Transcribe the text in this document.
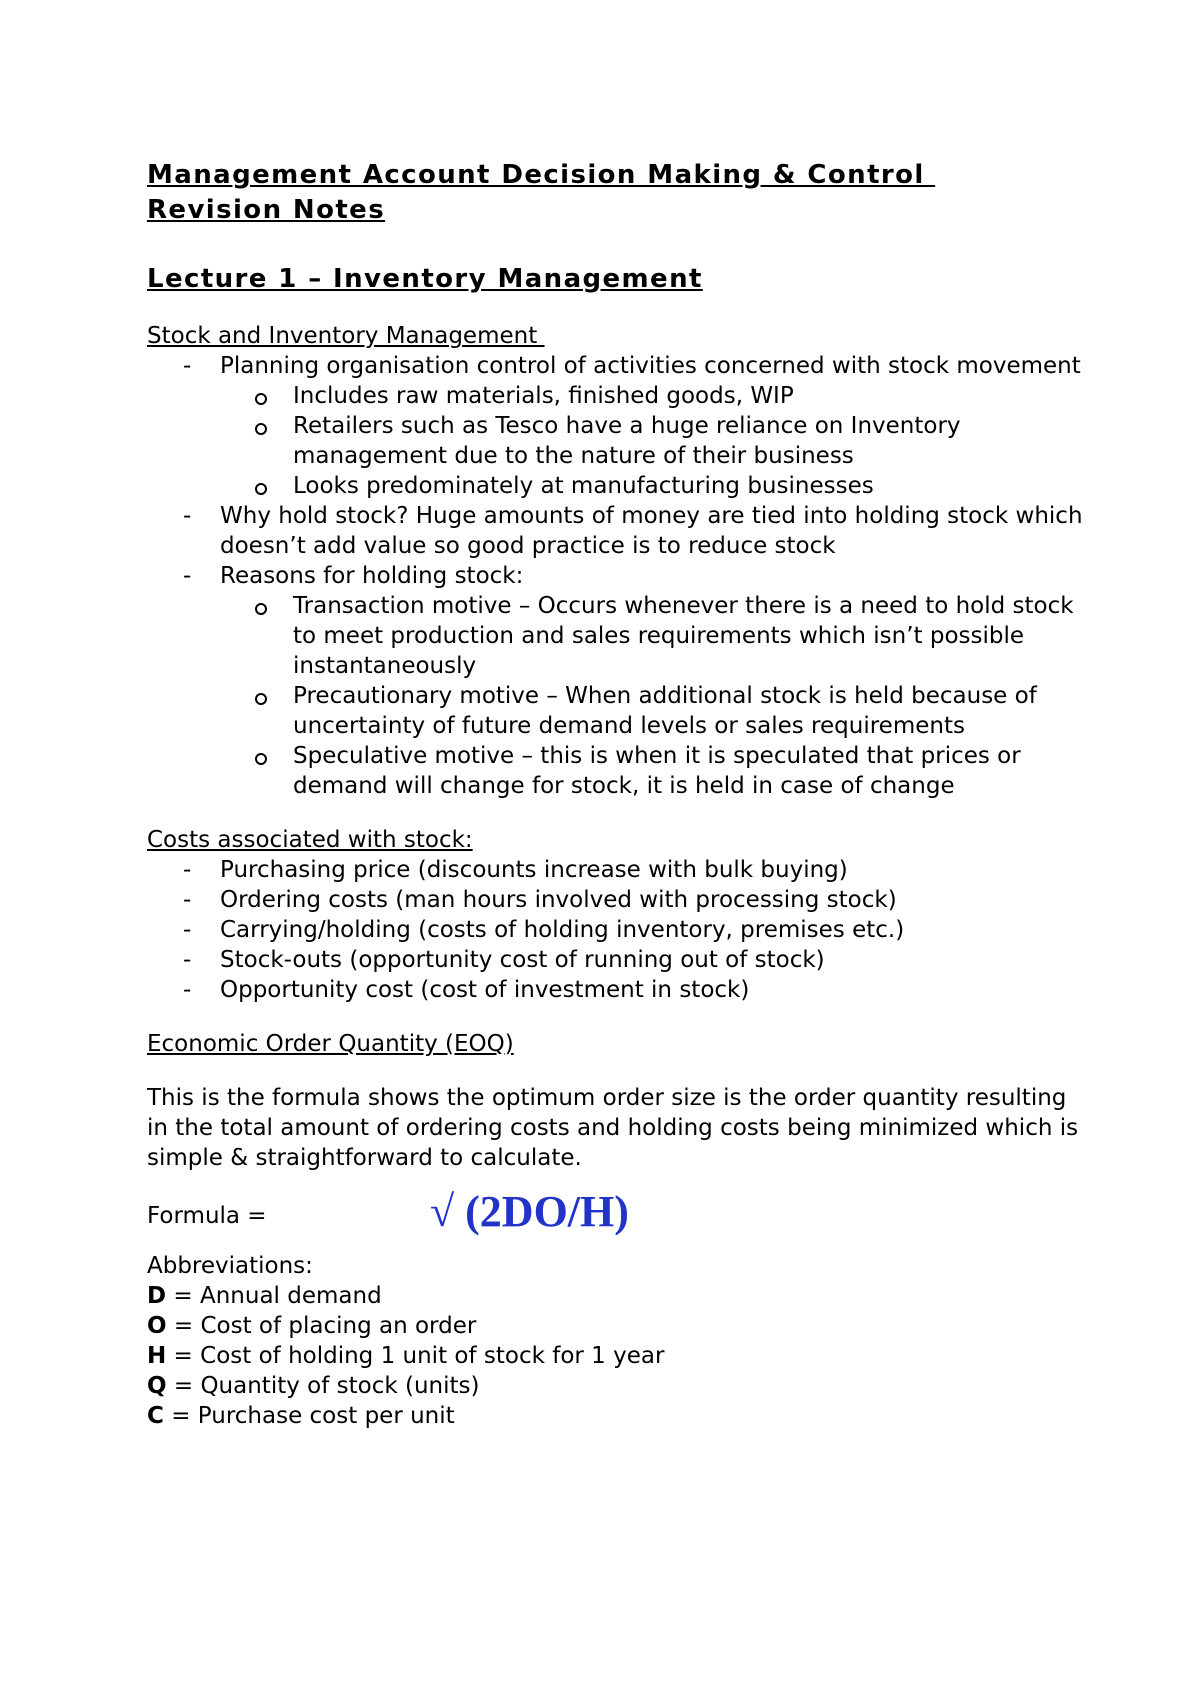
Management Account Decision Making & Control
Revision Notes
Lecture 1 – Inventory Management
Stock and Inventory Management
- Planning organisation control of activities concerned with stock movement
Includes raw materials, finished goods, WIP
Retailers such as Tesco have a huge reliance on Inventory management due to the nature of their business
Looks predominately at manufacturing businesses
- Why hold stock? Huge amounts of money are tied into holding stock which doesn’t add value so good practice is to reduce stock
- Reasons for holding stock:
Transaction motive – Occurs whenever there is a need to hold stock to meet production and sales requirements which isn’t possible instantaneously
Precautionary motive – When additional stock is held because of uncertainty of future demand levels or sales requirements
Speculative motive – this is when it is speculated that prices or demand will change for stock, it is held in case of change
Costs associated with stock:
- Purchasing price (discounts increase with bulk buying)
- Ordering costs (man hours involved with processing stock)
- Carrying/holding (costs of holding inventory, premises etc.)
- Stock-outs (opportunity cost of running out of stock)
- Opportunity cost (cost of investment in stock)
Economic Order Quantity (EOQ)
This is the formula shows the optimum order size is the order quantity resulting in the total amount of ordering costs and holding costs being minimized which is simple & straightforward to calculate.
Formula =	√ (2DO/H)
Abbreviations:
D = Annual demand
O = Cost of placing an order
H = Cost of holding 1 unit of stock for 1 year
Q = Quantity of stock (units)
C = Purchase cost per unit
